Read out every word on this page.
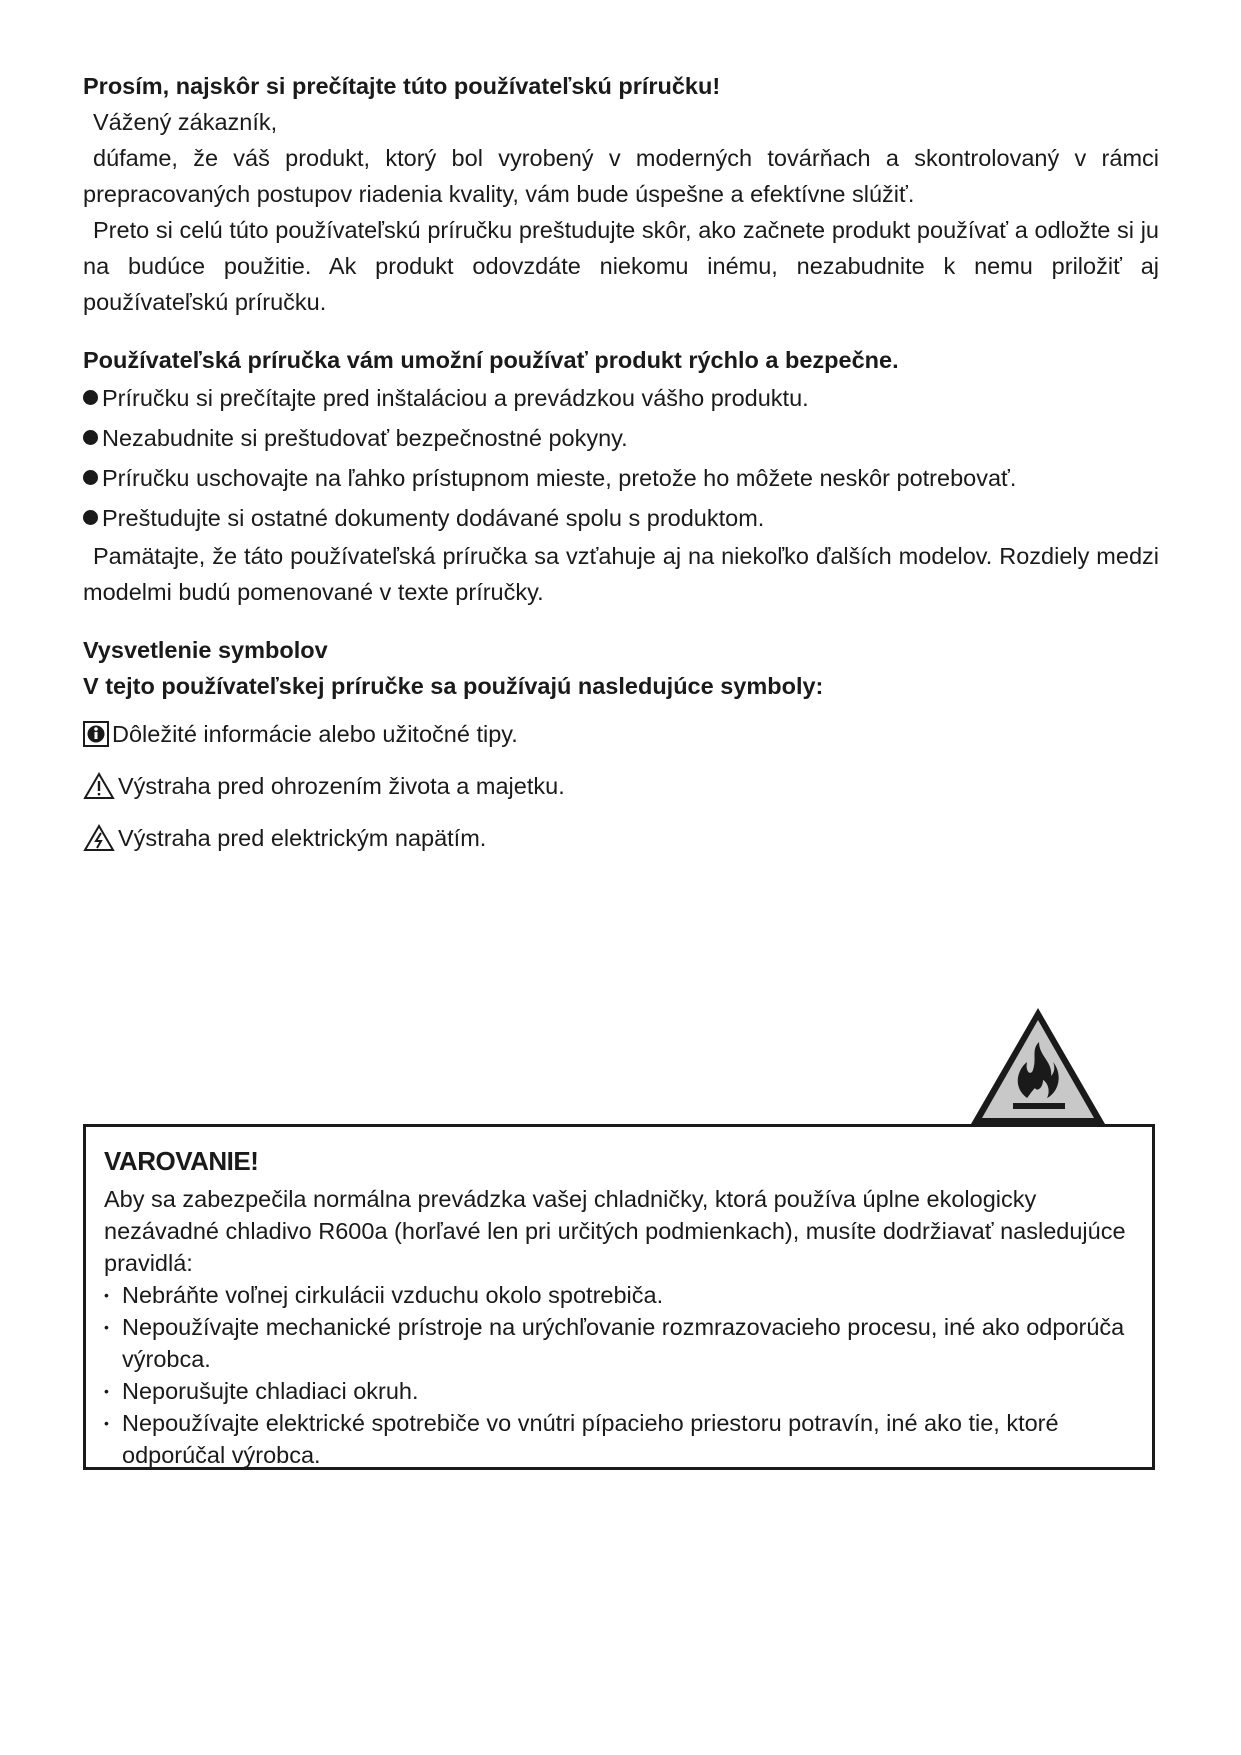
Prosím, najskôr si prečítajte túto používateľskú príručku!

Vážený zákazník,

dúfame, že váš produkt, ktorý bol vyrobený v moderných továrňach a skontrolovaný v rámci prepracovaných postupov riadenia kvality, vám bude úspešne a efektívne slúžiť.

Preto si celú túto používateľskú príručku preštudujte skôr, ako začnete produkt používať a odložte si ju na budúce použitie. Ak produkt odovzdáte niekomu inému, nezabudnite k nemu priložiť aj používateľskú príručku.

Používateľská príručka vám umožní používať produkt rýchlo a bezpečne.

Príručku si prečítajte pred inštaláciou a prevádzkou vášho produktu.

Nezabudnite si preštudovať bezpečnostné pokyny.

Príručku uschovajte na ľahko prístupnom mieste, pretože ho môžete neskôr potrebovať.

Preštudujte si ostatné dokumenty dodávané spolu s produktom.

Pamätajte, že táto používateľská príručka sa vzťahuje aj na niekoľko ďalších modelov. Rozdiely medzi modelmi budú pomenované v texte príručky.

Vysvetlenie symbolov

V tejto používateľskej príručke sa používajú nasledujúce symboly:

Dôležité informácie alebo užitočné tipy.

Výstraha pred ohrozením života a majetku.

Výstraha pred elektrickým napätím.

VAROVANIE!

Aby sa zabezpečila normálna prevádzka vašej chladničky, ktorá používa úplne ekologicky nezávadné chladivo R600a (horľavé len pri určitých podmienkach), musíte dodržiavať nasledujúce pravidlá:

• Nebráňte voľnej cirkulácii vzduchu okolo spotrebiča.

• Nepoužívajte mechanické prístroje na urýchľovanie rozmrazovacieho procesu, iné ako odporúča výrobca.

• Neporušujte chladiaci okruh.

• Nepoužívajte elektrické spotrebiče vo vnútri pípacieho priestoru potravín, iné ako tie, ktoré odporúčal výrobca.
